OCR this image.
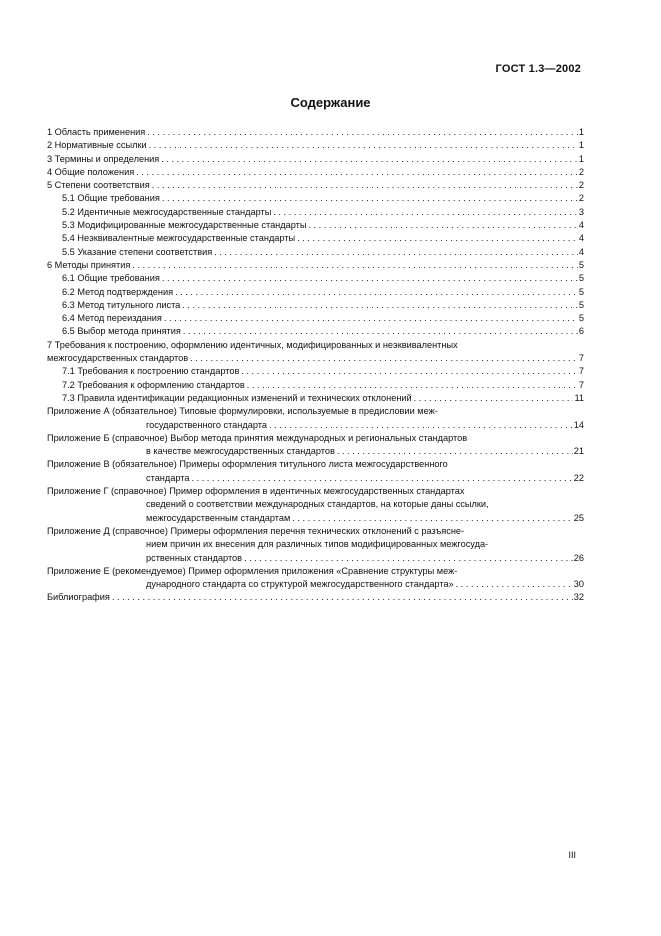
ГОСТ 1.3—2002
Содержание
1 Область применения . . .	1
2 Нормативные ссылки . . .	1
3 Термины и определения . . .	1
4 Общие положения . . .	2
5 Степени соответствия . . .	2
5.1 Общие требования . . .	2
5.2 Идентичные межгосударственные стандарты . . .	3
5.3 Модифицированные межгосударственные стандарты . . .	4
5.4 Неэквивалентные межгосударственные стандарты . . .	4
5.5 Указание степени соответствия . . .	4
6 Методы принятия . . .	5
6.1 Общие требования . . .	5
6.2 Метод подтверждения . . .	5
6.3 Метод титульного листа . . .	5
6.4 Метод переиздания . . .	5
6.5 Выбор метода принятия . . .	6
7 Требования к построению, оформлению идентичных, модифицированных и неэквивалентных
межгосударственных стандартов . . .	7
7.1 Требования к построению стандартов . . .	7
7.2 Требования к оформлению стандартов . . .	7
7.3 Правила идентификации редакционных изменений и технических отклонений . . .	11
Приложение А (обязательное) Типовые формулировки, используемые в предисловии меж-
государственного стандарта . . .	14
Приложение Б (справочное) Выбор метода принятия международных и региональных стандартов
в качестве межгосударственных стандартов . . .	21
Приложение В (обязательное) Примеры оформления титульного листа межгосударственного
стандарта . . .	22
Приложение Г (справочное) Пример оформления в идентичных межгосударственных стандартах
сведений о соответствии международных стандартов, на которые даны ссылки,
межгосударственным стандартам . . .	25
Приложение Д (справочное) Примеры оформления перечня технических отклонений с разъясне-
нием причин их внесения для различных типов модифицированных межгосуда-
рственных стандартов . . .	26
Приложение Е (рекомендуемое) Пример оформления приложения «Сравнение структуры меж-
дународного стандарта со структурой межгосударственного стандарта» . . .	30
Библиография . . .	32
III
